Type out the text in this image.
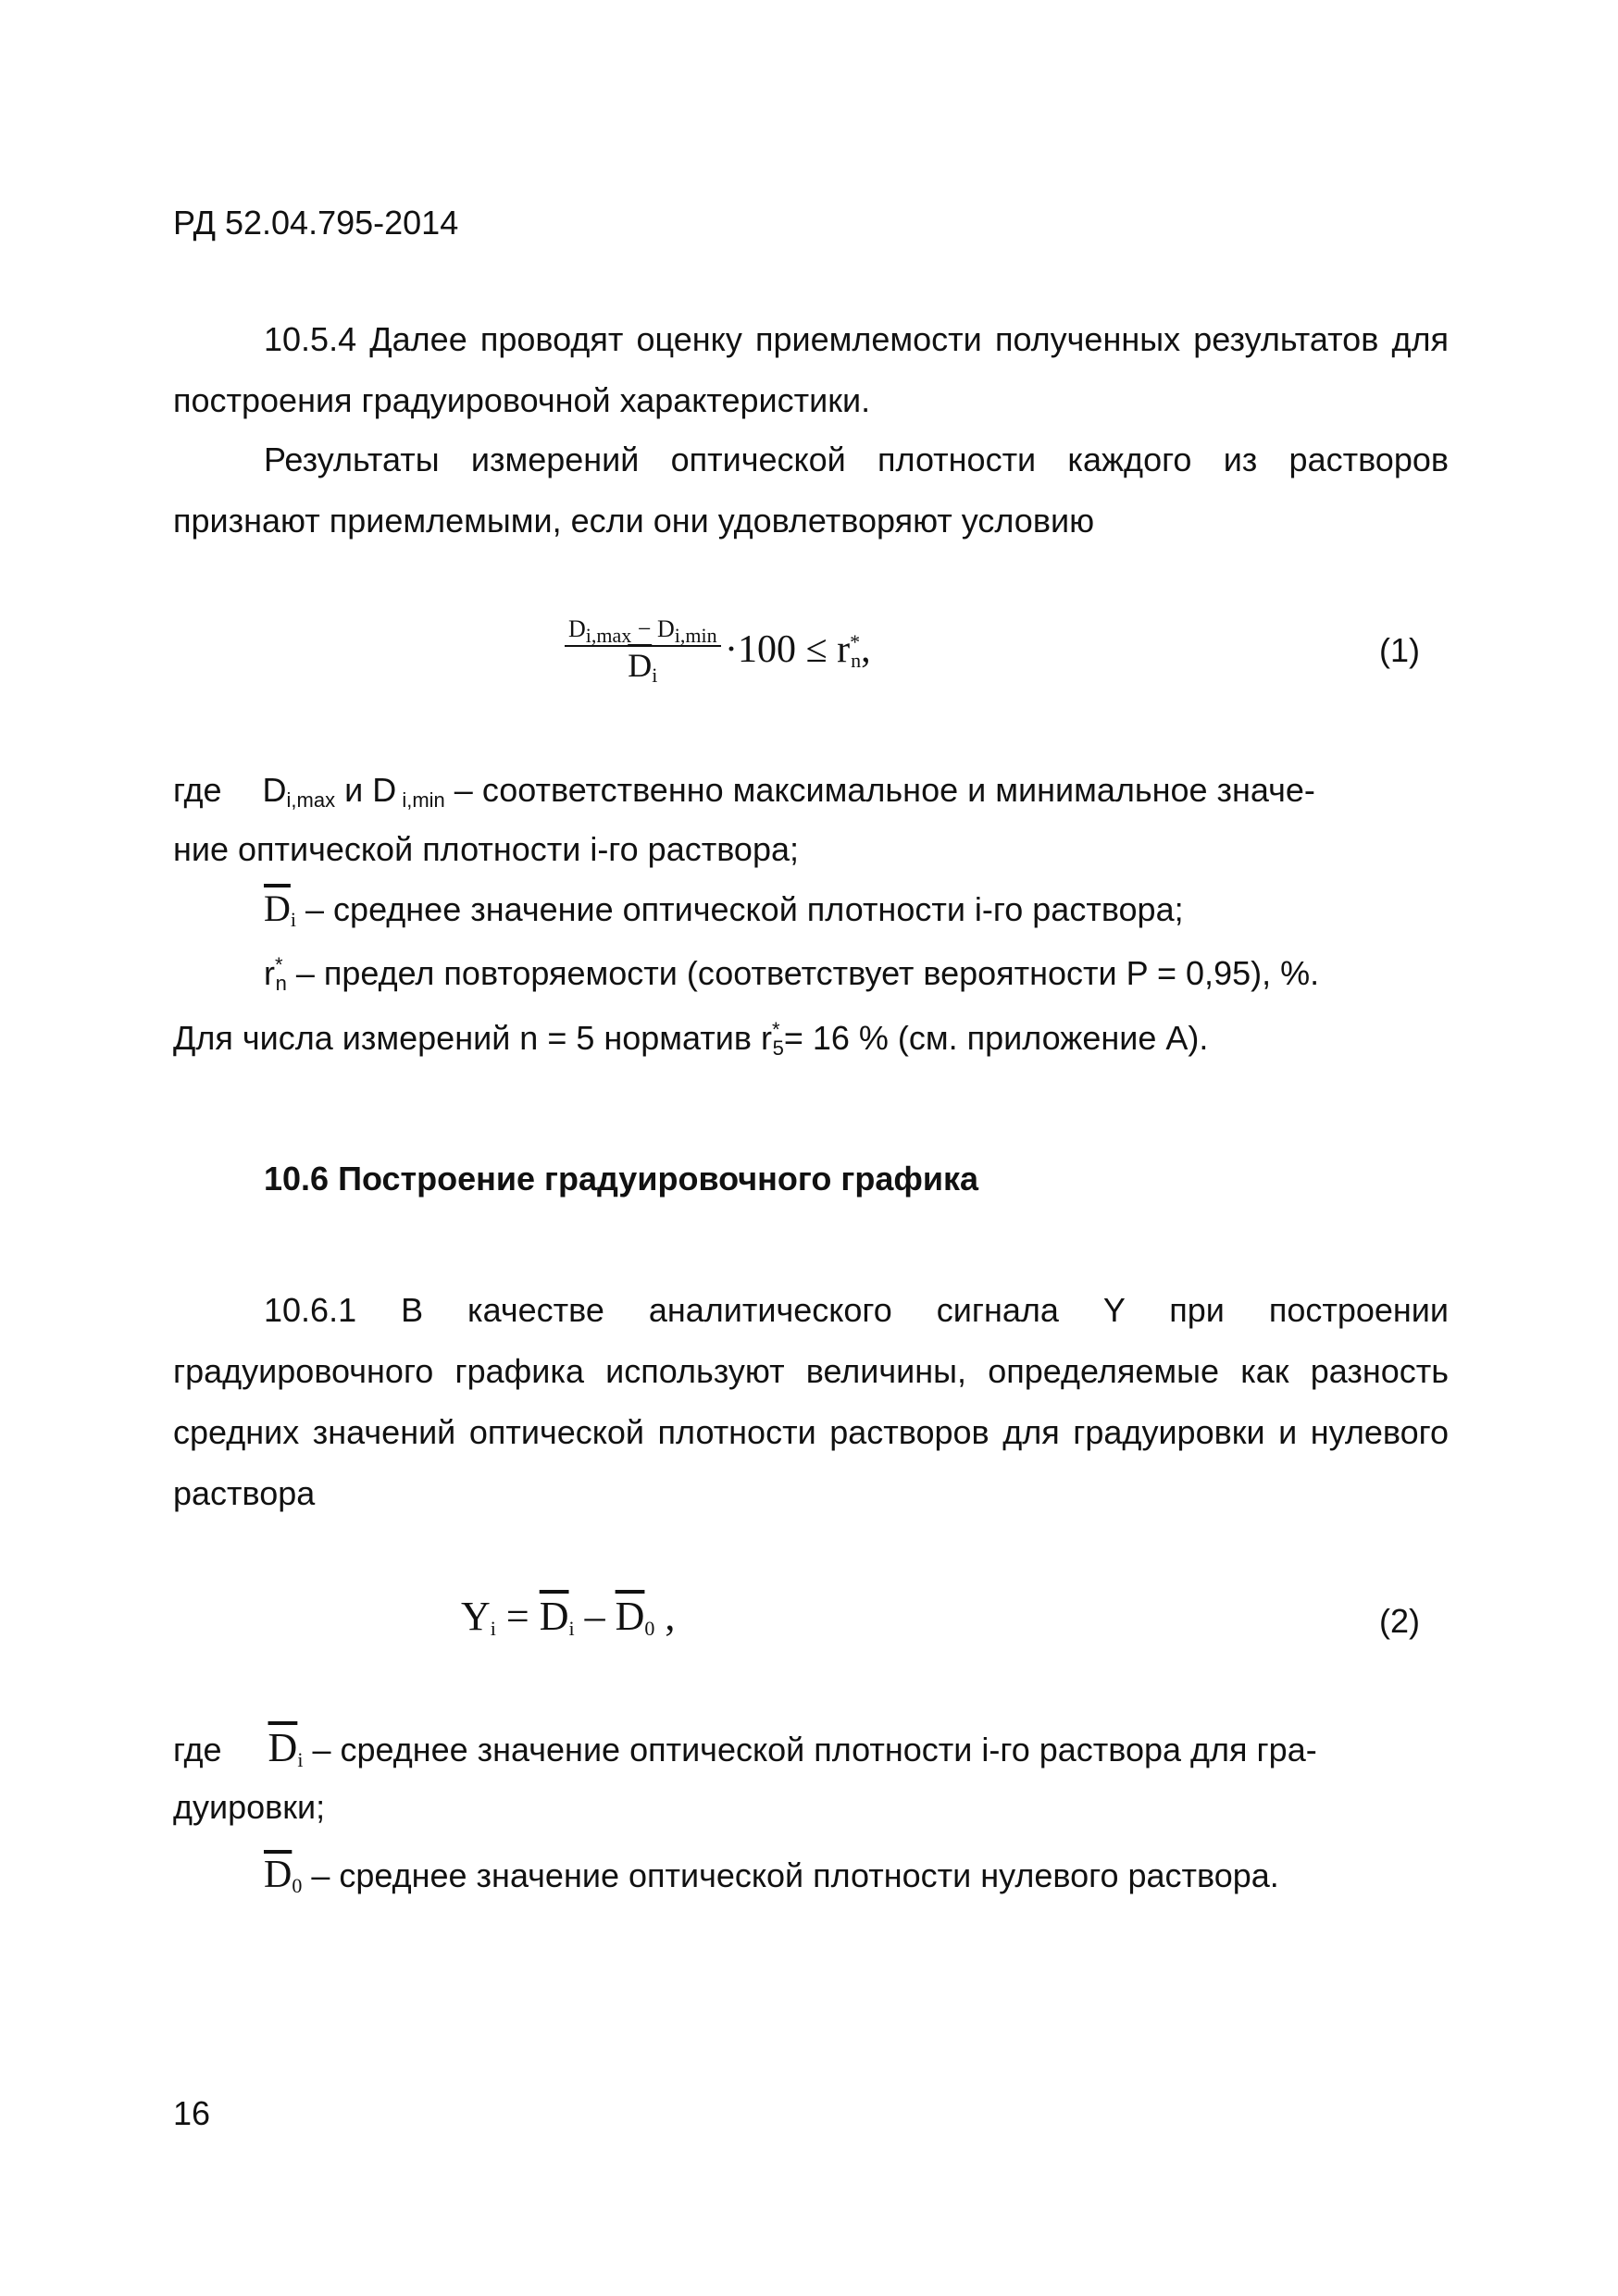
РД 52.04.795-2014
10.5.4 Далее проводят оценку приемлемости полученных результатов для построения градуировочной характеристики.
Результаты измерений оптической плотности каждого из растворов признают приемлемыми, если они удовлетворяют условию
$\frac{D_{i,max} - D_{i,min}}{\overline{D}_i} \cdot 100 \le r^*_n$,	(1)
где $D_{i,max}$ и D $_{i,min}$ – соответственно максимальное и минимальное значе-
ние оптической плотности i-го раствора;
$\overline{D}_i$ – среднее значение оптической плотности i-го раствора;
$r^*_n$ – предел повторяемости (соответствует вероятности P = 0,95), %.
Для числа измерений n = 5 норматив $r^*_5= 16$ % (см. приложение А).
10.6 Построение градуировочного графика
10.6.1 В качестве аналитического сигнала Y при построении градуировочного графика используют величины, определяемые как разность средних значений оптической плотности растворов для градуировки и нулевого раствора
$Y_i = \overline{D}_i - \overline{D}_0$ ,	(2)
где $\overline{D}_i$ – среднее значение оптической плотности i-го раствора для гра-
дуировки;
$\overline{D}_0$ – среднее значение оптической плотности нулевого раствора.
16
